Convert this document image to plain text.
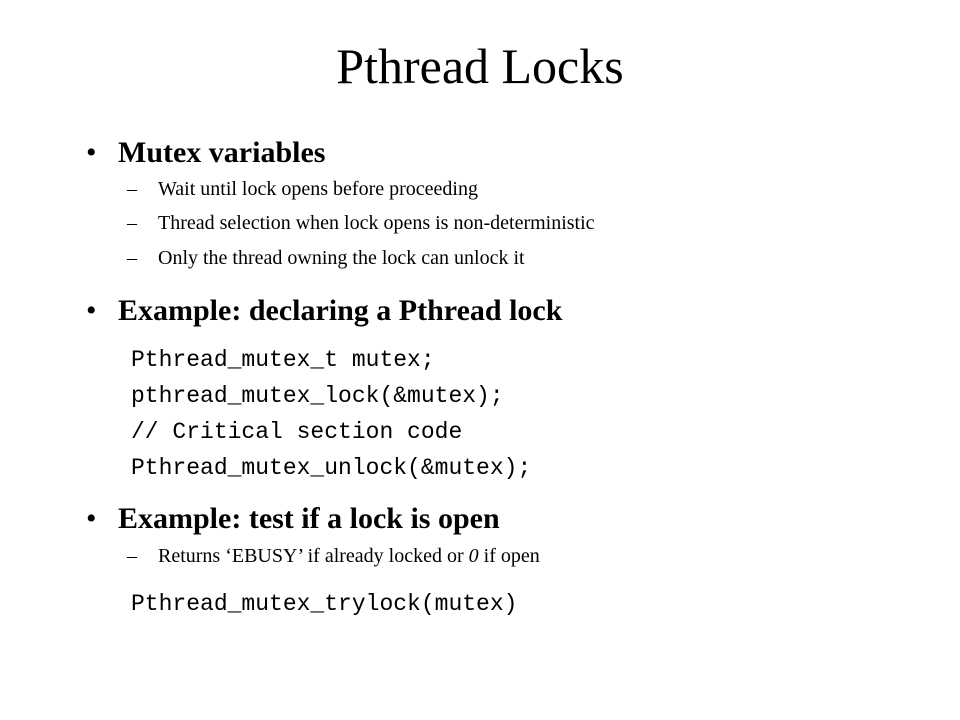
Pthread Locks
• Mutex variables
– Wait until lock opens before proceeding
– Thread selection when lock opens is non-deterministic
– Only the thread owning the lock can unlock it
• Example: declaring a Pthread lock
Pthread_mutex_t mutex;
pthread_mutex_lock(&mutex);
// Critical section code
Pthread_mutex_unlock(&mutex);
• Example: test if a lock is open
– Returns ‘EBUSY’ if already locked or 0 if open
Pthread_mutex_trylock(mutex)
